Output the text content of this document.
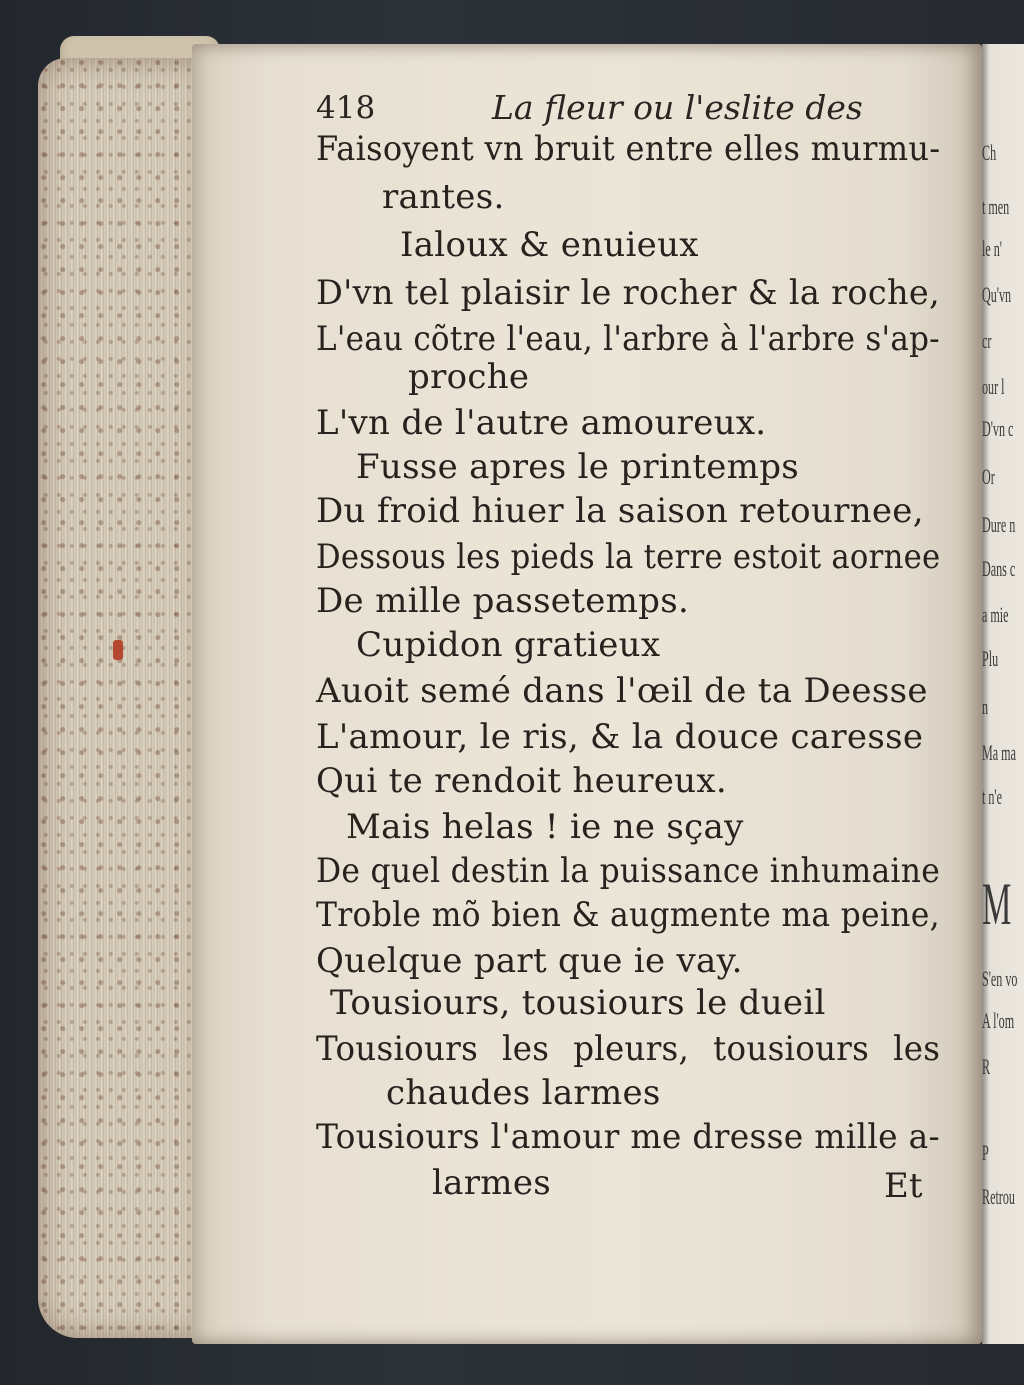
Ch
t men
le n'
Qu'vn
cr
our l
D'vn c
Or
Dure n
Dans c
a mie
Plu
n
Ma ma
t n'e
M
S'en vo
A l'om
R
P
Retrou
418	La fleur ou l'eslite des
Faisoyent vn bruit entre elles murmu-
rantes.
Ialoux & enuieux
D'vn tel plaisir le rocher & la roche,
L'eau cõtre l'eau, l'arbre à l'arbre s'ap-
proche
L'vn de l'autre amoureux.
Fusse apres le printemps
Du froid hiuer la saison retournee,
Dessous les pieds la terre estoit aornee
De mille passetemps.
Cupidon gratieux
Auoit semé dans l'œil de ta Deesse
L'amour, le ris, & la douce caresse
Qui te rendoit heureux.
Mais helas ! ie ne sçay
De quel destin la puissance inhumaine
Troble mõ bien & augmente ma peine,
Quelque part que ie vay.
Tousiours, tousiours le dueil
Tousiours les pleurs, tousiours les
chaudes larmes
Tousiours l'amour me dresse mille a-
larmes	Et
